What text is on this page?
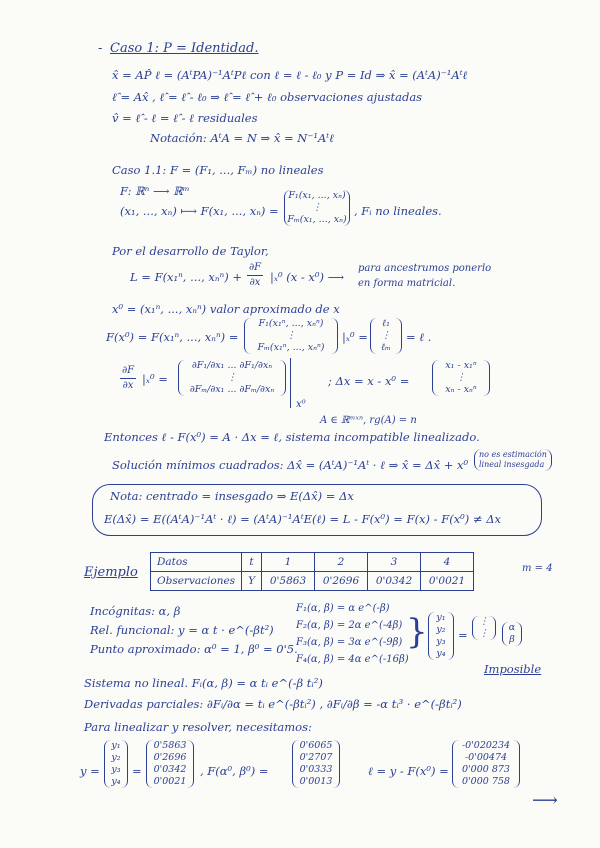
- Caso 1: P = Identidad.
x̂ = AP̂ ℓ = (AᵗPA)⁻¹AᵗPℓ con ℓ = ℓ - ℓ₀ y P = Id ⇒ x̂ = (AᵗA)⁻¹Aᵗℓ
ℓ̂ = Ax̂ , ℓ̂ = ℓ̂ - ℓ₀ ⇒ ℓ̂ = ℓ̂ + ℓ₀ observaciones ajustadas
v̂ = ℓ̂ - ℓ = ℓ̂ - ℓ residuales
Notación: AᵗA = N ⇒ x̂ = N⁻¹Aᵗℓ
Caso 1.1: F = (F₁, ..., Fₘ) no lineales
F: ℝⁿ ⟶ ℝᵐ
(x₁, ..., xₙ) ⟼ F(x₁, ..., xₙ) =
F₁(x₁, ..., xₙ)
⋮
Fₘ(x₁, ..., xₙ)
, Fᵢ no lineales.
Por el desarrollo de Taylor,
L = F(x₁ⁿ, ..., xₙⁿ) +
∂F
∂x |ₓ⁰ (x - x⁰) ⟶
para ancestrumos ponerlo
en forma matricial.
x⁰ = (x₁ⁿ, ..., xₙⁿ) valor aproximado de x
F(x⁰) = F(x₁ⁿ, ..., xₙⁿ) =
F₁(x₁ⁿ, ..., xₙⁿ)
⋮
Fₘ(x₁ⁿ, ..., xₙⁿ)
|ₓ⁰ =
ℓ₁
⋮
ℓₘ
= ℓ .
∂F
∂x |ₓ⁰ =
∂F₁/∂x₁ ... ∂F₁/∂xₙ
⋮
∂Fₘ/∂x₁ ... ∂Fₘ/∂xₙ
x⁰
; Δx = x - x⁰ =
x₁ - x₁ⁿ
⋮
xₙ - xₙⁿ
A ∈ ℝᵐˣⁿ, rg(A) = n
Entonces ℓ - F(x⁰) = A · Δx = ℓ, sistema incompatible linealizado.
Solución mínimos cuadrados: Δx̂ = (AᵗA)⁻¹Aᵗ · ℓ ⇒ x̂ = Δx̂ + x⁰
no es estimación
lineal insesgada
Nota: centrado = insesgado ⇒ E(Δx̂) = Δx
E(Δx̂) = E((AᵗA)⁻¹Aᵗ · ℓ) = (AᵗA)⁻¹AᵗE(ℓ) = L - F(x⁰) = F(x) - F(x⁰) ≠ Δx
Ejemplo
Datos	t	1	2	3	4
Observaciones	Y	0'5863	0'2696	0'0342	0'0021
m = 4
Incógnitas: α, β
Rel. funcional: y = α t · e^(-βt²)
Punto aproximado: α⁰ = 1, β⁰ = 0'5.
F₁(α, β) = α e^(-β)
F₂(α, β) = 2α e^(-4β)
F₃(α, β) = 3α e^(-9β)
F₄(α, β) = 4α e^(-16β)
} y₁
y₂
y₃
y₄
=
⋮
⋮
α
β
Imposible
Sistema no lineal. Fᵢ(α, β) = α tᵢ e^(-β tᵢ²)
Derivadas parciales: ∂Fᵢ/∂α = tᵢ e^(-βtᵢ²) , ∂Fᵢ/∂β = -α tᵢ³ · e^(-βtᵢ²)
Para linealizar y resolver, necesitamos:
y =
y₁
y₂
y₃
y₄
=
0'5863
0'2696
0'0342
0'0021
, F(α⁰, β⁰) =
0'6065
0'2707
0'0333
0'0013
ℓ = y - F(x⁰) =
-0'020234
-0'00474
0'000 873
0'000 758
⟶
